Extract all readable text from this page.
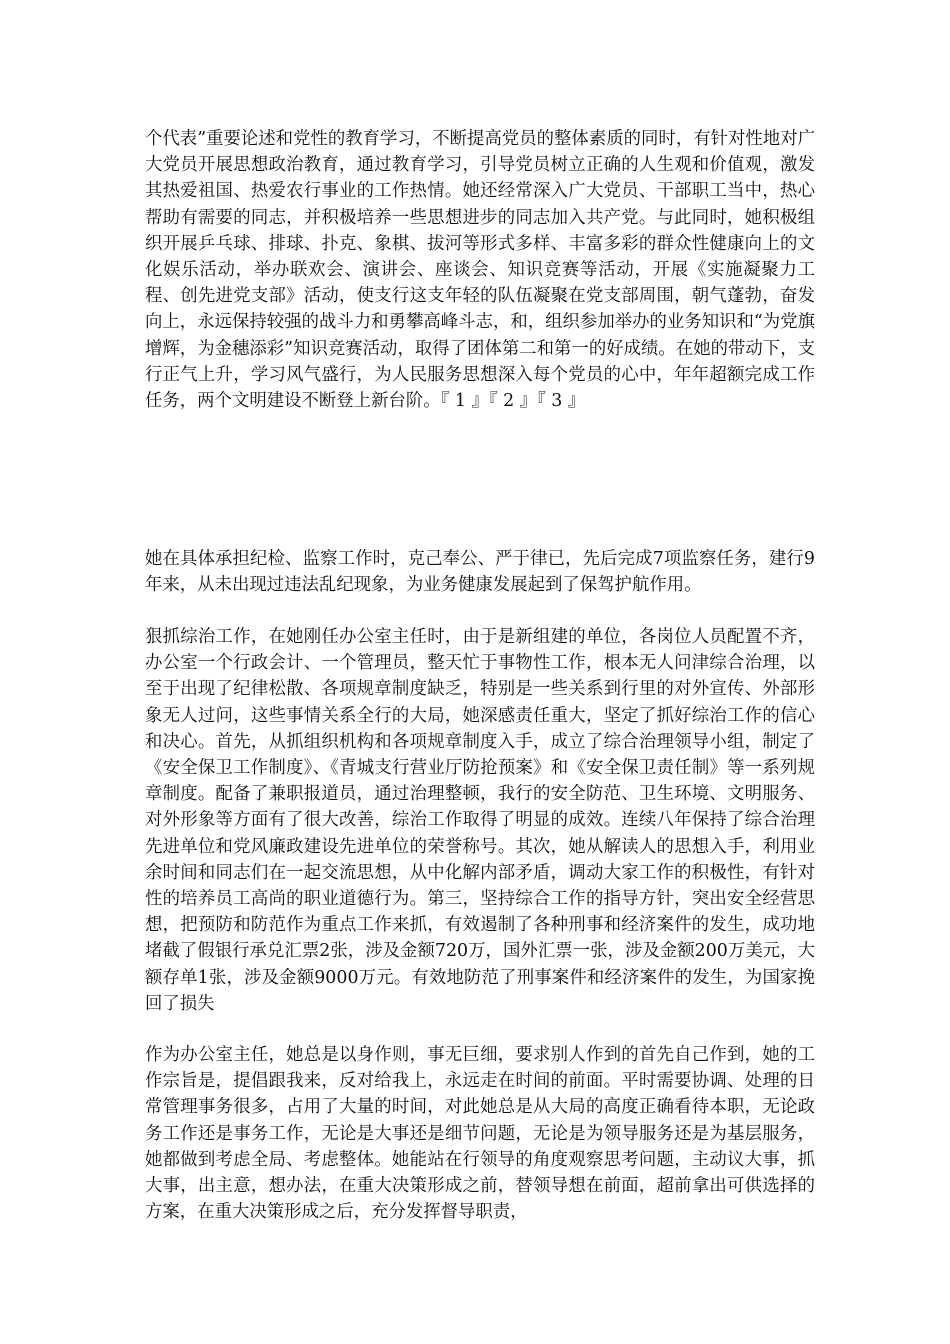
个代表”重要论述和党性的教育学习，不断提高党员的整体素质的同时，有针对性地对广大党员开展思想政治教育，通过教育学习，引导党员树立正确的人生观和价值观，激发其热爱祖国、热爱农行事业的工作热情。她还经常深入广大党员、干部职工当中，热心帮助有需要的同志，并积极培养一些思想进步的同志加入共产党。与此同时，她积极组织开展乒乓球、排球、扑克、象棋、拔河等形式多样、丰富多彩的群众性健康向上的文化娱乐活动，举办联欢会、演讲会、座谈会、知识竞赛等活动，开展《实施凝聚力工程、创先进党支部》活动，使支行这支年轻的队伍凝聚在党支部周围，朝气蓬勃，奋发向上，永远保持较强的战斗力和勇攀高峰斗志，和，组织参加举办的业务知识和“为党旗增辉，为金穗添彩”知识竞赛活动，取得了团体第二和第一的好成绩。在她的带动下，支行正气上升，学习风气盛行，为人民服务思想深入每个党员的心中，年年超额完成工作任务，两个文明建设不断登上新台阶。『 1 』『 2 』『 3 』

她在具体承担纪检、监察工作时，克己奉公、严于律已，先后完成7项监察任务，建行9年来，从未出现过违法乱纪现象，为业务健康发展起到了保驾护航作用。

狠抓综治工作，在她刚任办公室主任时，由于是新组建的单位，各岗位人员配置不齐，办公室一个行政会计、一个管理员，整天忙于事物性工作，根本无人问津综合治理，以至于出现了纪律松散、各项规章制度缺乏，特别是一些关系到行里的对外宣传、外部形象无人过问，这些事情关系全行的大局，她深感责任重大，坚定了抓好综治工作的信心和决心。首先，从抓组织机构和各项规章制度入手，成立了综合治理领导小组，制定了《安全保卫工作制度》、《青城支行营业厅防抢预案》和《安全保卫责任制》等一系列规章制度。配备了兼职报道员，通过治理整顿，我行的安全防范、卫生环境、文明服务、对外形象等方面有了很大改善，综治工作取得了明显的成效。连续八年保持了综合治理先进单位和党风廉政建设先进单位的荣誉称号。其次，她从解读人的思想入手，利用业余时间和同志们在一起交流思想，从中化解内部矛盾，调动大家工作的积极性，有针对性的培养员工高尚的职业道德行为。第三，坚持综合工作的指导方针，突出安全经营思想，把预防和防范作为重点工作来抓，有效遏制了各种刑事和经济案件的发生，成功地堵截了假银行承兑汇票2张，涉及金额720万，国外汇票一张，涉及金额200万美元，大额存单1张，涉及金额9000万元。有效地防范了刑事案件和经济案件的发生，为国家挽回了损失

作为办公室主任，她总是以身作则，事无巨细，要求别人作到的首先自己作到，她的工作宗旨是，提倡跟我来，反对给我上，永远走在时间的前面。平时需要协调、处理的日常管理事务很多，占用了大量的时间，对此她总是从大局的高度正确看待本职，无论政务工作还是事务工作，无论是大事还是细节问题，无论是为领导服务还是为基层服务，她都做到考虑全局、考虑整体。她能站在行领导的角度观察思考问题，主动议大事，抓大事，出主意，想办法，在重大决策形成之前，替领导想在前面，超前拿出可供选择的方案，在重大决策形成之后，充分发挥督导职责，
